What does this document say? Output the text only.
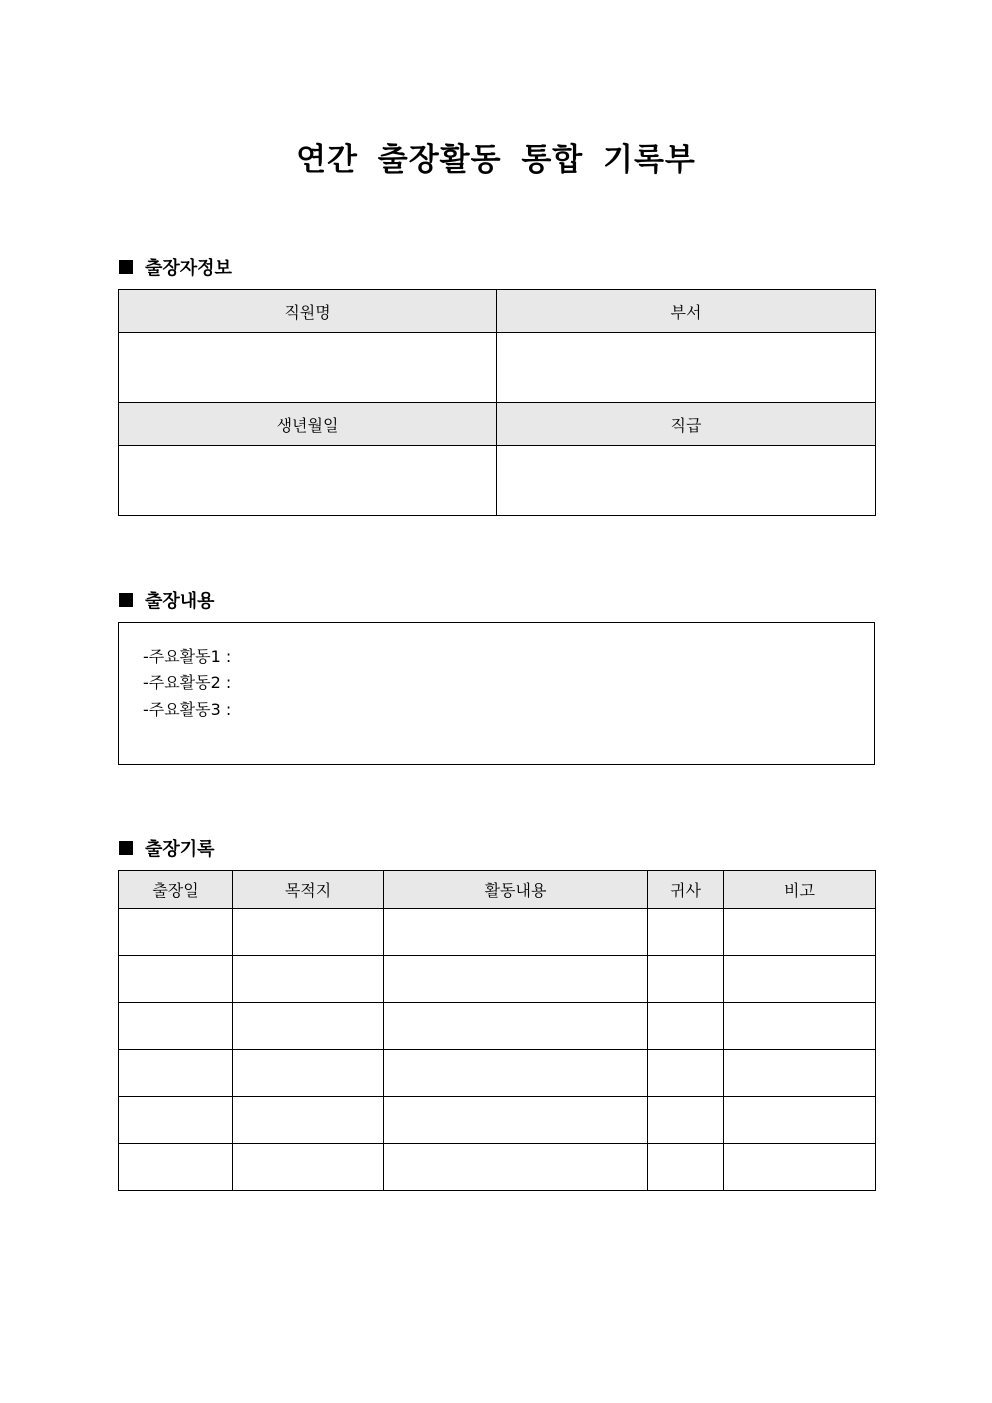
연간 출장활동 통합 기록부
출장자정보
직원명	부서

생년월일	직급

출장내용
-주요활동1 :
-주요활동2 :
-주요활동3 :
출장기록
출장일	목적지	활동내용	귀사	비고
